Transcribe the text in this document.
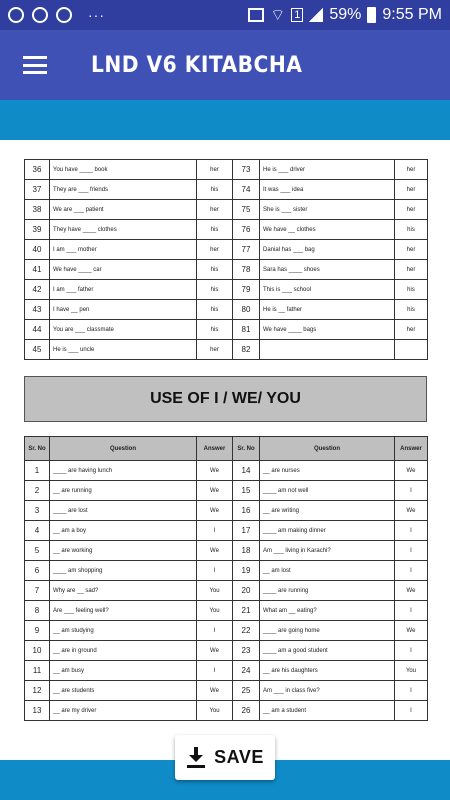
···	⌔ 1 59% 9:55 PM
LND V6 KITABCHA
36	You have ____ book	her	73	He is ___ driver	her
37	They are ___ friends	his	74	It was ___ idea	her
38	We are ___ patient	her	75	She is ___ sister	her
39	They have ____ clothes	his	76	We have __ clothes	his
40	I am ___ mother	her	77	Danial has ___ bag	her
41	We have ____ car	his	78	Sara has ____ shoes	her
42	I am ___ father	his	79	This is ___ school	his
43	I have __ pen	his	80	He is __ father	his
44	You are ___ classmate	his	81	We have ____ bags	her
45	He is ___ uncle	her	82		
USE OF I / WE/ YOU
Sr. No	Question	Answer	Sr. No	Question	Answer
1	____ are having lunch	We	14	__ are nurses	We
2	__ are running	We	15	____ am not well	I
3	____ are lost	We	16	__ are writing	We
4	__ am a boy	I	17	____ am making dinner	I
5	__ are working	We	18	Am ___ living in Karachi?	I
6	____ am shopping	I	19	__ am lost	I
7	Why are __ sad?	You	20	____ are running	We
8	Are ___ feeling well?	You	21	What am __ eating?	I
9	__ am studying	I	22	____ are going home	We
10	__ are in ground	We	23	____ am a good student	I
11	__ am busy	I	24	__ are his daughters	You
12	__ are students	We	25	Am ___ in class five?	I
13	__ are my driver	You	26	__ am a student	I
SAVE
